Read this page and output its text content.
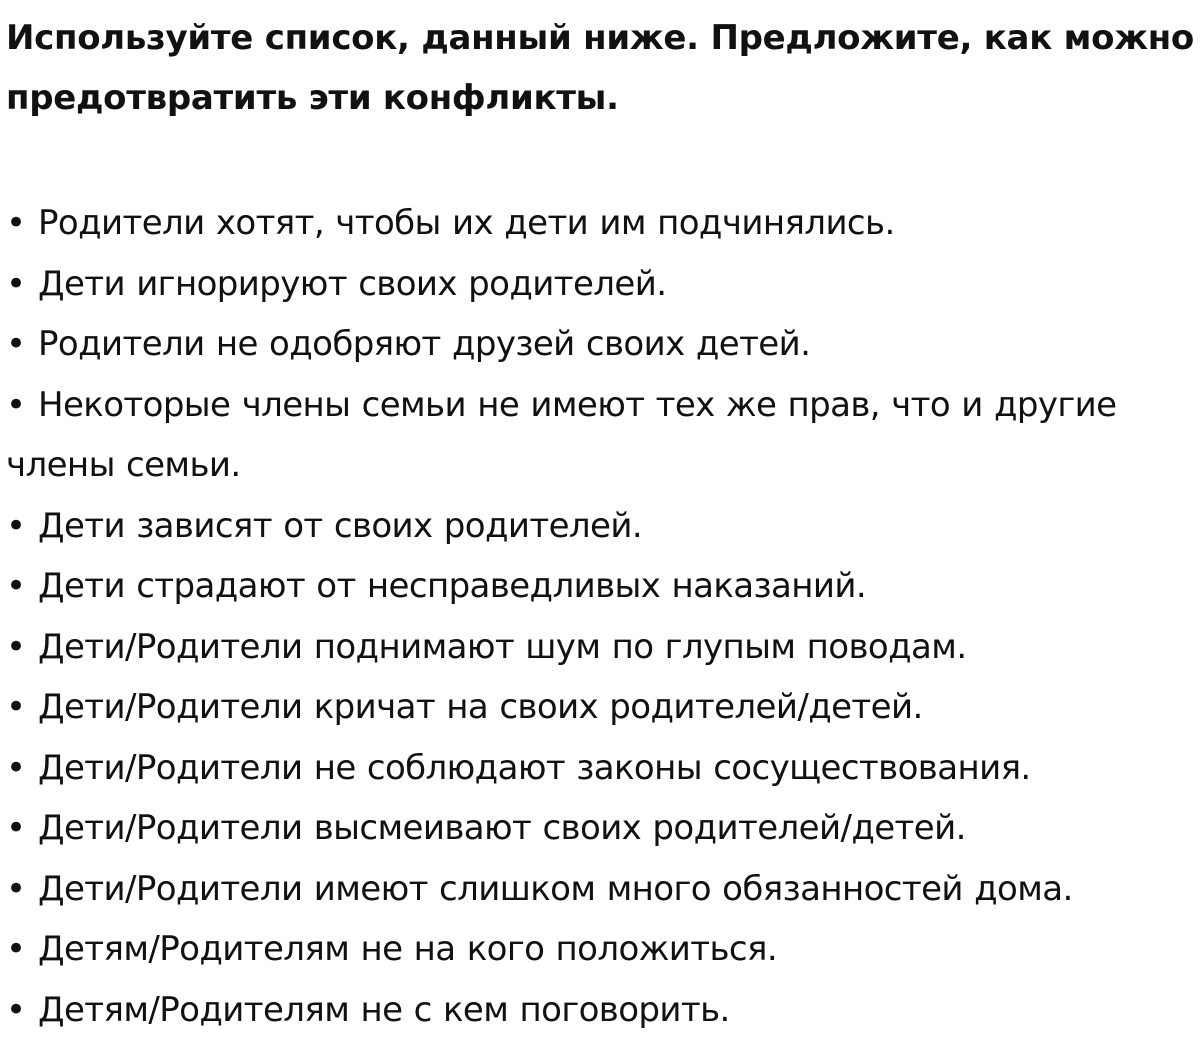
Используйте список, данный ниже. Предложите, как можно предотвратить эти конфликты.

• Родители хотят, чтобы их дети им подчинялись.
• Дети игнорируют своих родителей.
• Родители не одобряют друзей своих детей.
• Некоторые члены семьи не имеют тех же прав, что и другие члены семьи.
• Дети зависят от своих родителей.
• Дети страдают от несправедливых наказаний.
• Дети/Родители поднимают шум по глупым поводам.
• Дети/Родители кричат на своих родителей/детей.
• Дети/Родители не соблюдают законы сосуществования.
• Дети/Родители высмеивают своих родителей/детей.
• Дети/Родители имеют слишком много обязанностей дома.
• Детям/Родителям не на кого положиться.
• Детям/Родителям не с кем поговорить.
